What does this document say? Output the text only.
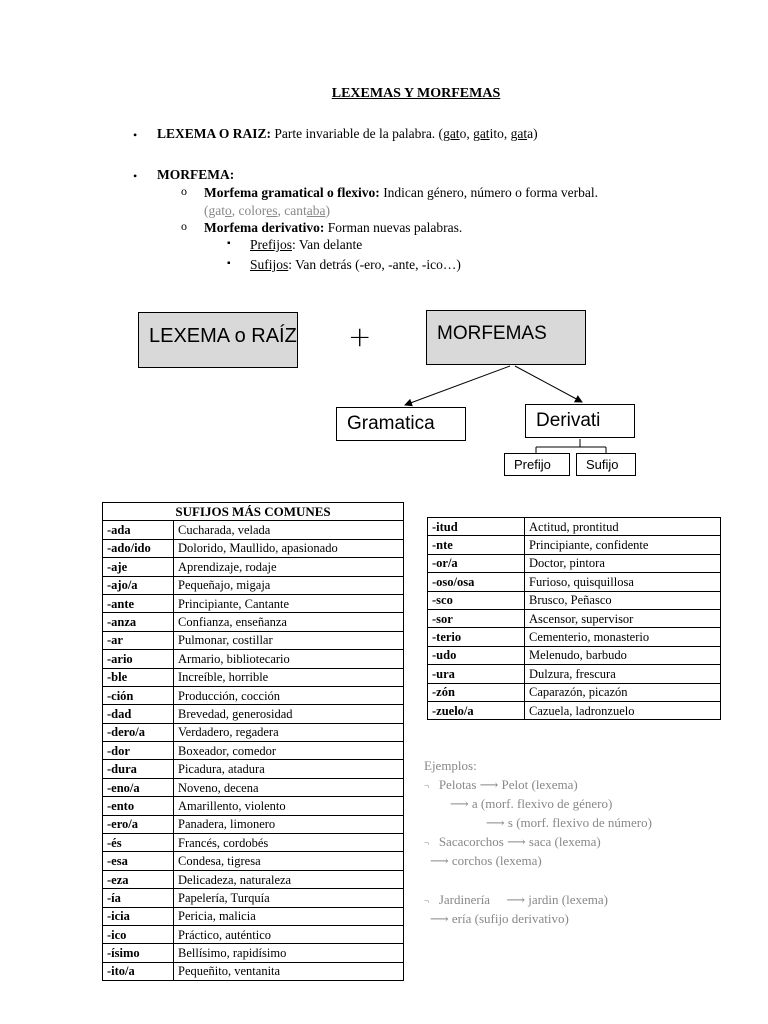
LEXEMAS Y MORFEMAS
• LEXEMA O RAIZ: Parte invariable de la palabra. (gato, gatito, gata)
• MORFEMA:
o Morfema gramatical o flexivo: Indican género, número o forma verbal.
(gato, colores, cantaba)
o Morfema derivativo: Forman nuevas palabras.
▪ Prefijos: Van delante
▪ Sufijos: Van detrás (-ero, -ante, -ico…)
LEXEMA o RAÍZ +	MORFEMAS
Gramatica	Derivati
Prefijo	Sufijo
SUFIJOS MÁS COMUNES	
-ada	Cucharada, velada
-ado/ido	Dolorido, Maullido, apasionado
-aje	Aprendizaje, rodaje
-ajo/a	Pequeñajo, migaja
-ante	Principiante, Cantante
-anza	Confianza, enseñanza
-ar	Pulmonar, costillar
-ario	Armario, bibliotecario
-ble	Increíble, horrible
-ción	Producción, cocción
-dad	Brevedad, generosidad
-dero/a	Verdadero, regadera
-dor	Boxeador, comedor
-dura	Picadura, atadura
-eno/a	Noveno, decena
-ento	Amarillento, violento
-ero/a	Panadera, limonero
-és	Francés, cordobés
-esa	Condesa, tigresa
-eza	Delicadeza, naturaleza
-ía	Papelería, Turquía
-icia	Pericia, malicia
-ico	Práctico, auténtico
-ísimo	Bellísimo, rapidísimo
-ito/a	Pequeñito, ventanita
-itud	Actitud, prontitud
-nte	Principiante, confidente
-or/a	Doctor, pintora
-oso/osa	Furioso, quisquillosa
-sco	Brusco, Peñasco
-sor	Ascensor, supervisor
-terio	Cementerio, monasterio
-udo	Melenudo, barbudo
-ura	Dulzura, frescura
-zón	Caparazón, picazón
-zuelo/a	Cazuela, ladronzuelo
Ejemplos:
¬ Pelotas ⟶ Pelot (lexema)
⟶ a (morf. flexivo de género)
⟶ s (morf. flexivo de número)
¬ Sacacorchos ⟶ saca (lexema)
⟶ corchos (lexema)
¬ Jardinería     ⟶ jardin (lexema)
⟶ ería (sufijo derivativo)
